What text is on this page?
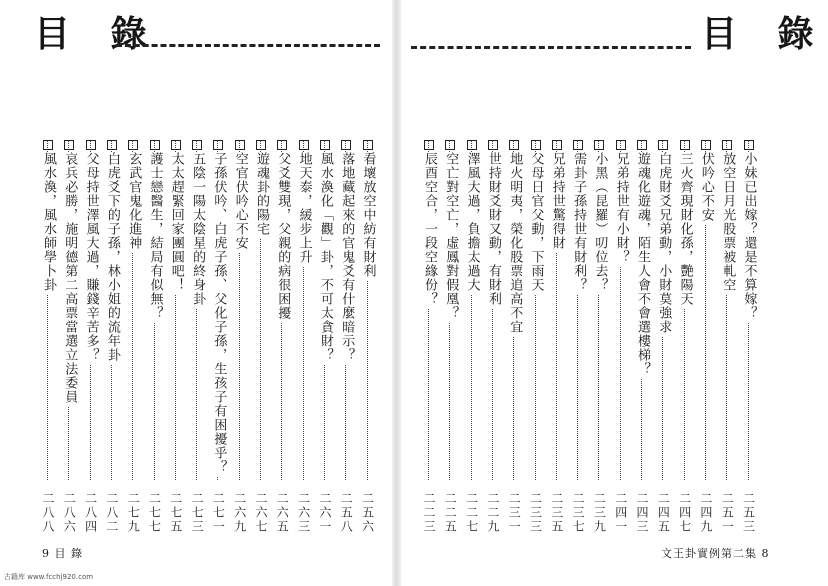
目 錄
看壞放空中紡有財利
二五六
落地藏起來的官鬼爻有什麼暗示？
二五八
風水渙化「觀」卦，不可太貪財？
二六一
地天泰，緩步上升
二六三
父爻雙現，父親的病很困擾
二六五
遊魂卦的陽宅
二六七
空官伏吟心不安
二六九
子孫伏吟、白虎子孫、父化子孫，生孩子有困擾乎？
二七一
五陰一陽太陰星的終身卦
二七三
太太趕緊回家團圓吧！
二七五
護士戀醫生，結局有似無？
二七七
玄武官鬼化進神
二七九
白虎爻下的子孫，林小姐的流年卦
二八二
父母持世澤風大過，賺錢辛苦多？
二八四
哀兵必勝，施明德第二高票當選立法委員
二八六
風水渙，風水師學卜卦
二八八
9 目 錄
目 錄
小妹已出嫁？還是不算嫁？
二五三
放空日月光股票被軋空
二五一
伏吟心不安
二四九
三火齊現財化孫，艷陽天
二四七
白虎財爻兄弟動，小財莫強求
二四五
遊魂化遊魂，陌生人會不會選樓梯？
二四三
兄弟持世有小財？
二四一
小黑（昆羅）叨位去？
二三九
需卦子孫持世有財利？
二三七
兄弟持世驚得財
二三五
父母日官父動，下雨天
二三三
地火明夷，榮化股票追高不宜
二三一
世持財爻財又動，有財利
二二九
澤風大過，負擔太過大
二二七
空亡對空亡，虛鳳對假凰？
二二五
辰酉空合，一段空緣份？
二二三
文王卦實例第二集 8
古籍库 www.fcchj920.com
